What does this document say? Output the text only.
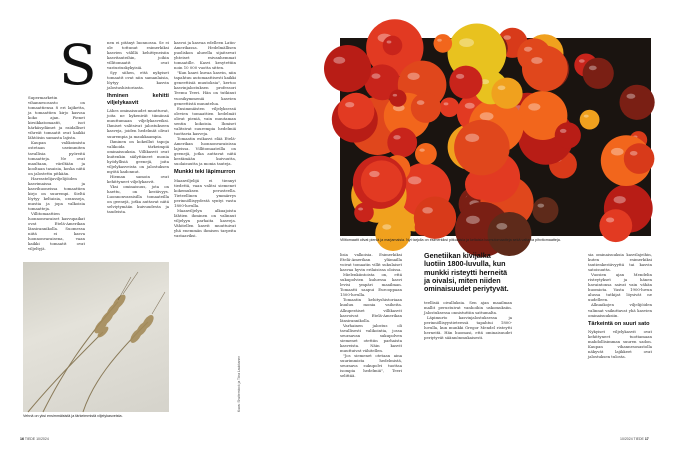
S

Supermarketin vihannesosasto on tomaattiensa 8 eri lajiketta, ja tomaattien kirjo kasvaa koko ajan. Pienet kirsikkatomaatit, isot härkäsydämet ja raidalliset vihreät tomaatit ovat kaikki lähtöisin samasta lajista.

Kaupan valikoimista ostetaan useimmiten tavallisia pyöreitä tomaatteja. Ne ovat maultaan, väriltään ja kooltaan tasaisia, koska niitä on jalostettu pitkään.

Harrastelijaviljelijöiden kasvimaissa ja kasvihuoneissa tomaattien kirjo on suurempi. Sieltä löytyy keltaisia, oransseja, mustia ja jopa valkoisia tomaatteja.

Villitomaattien luonnonvaraiset kasvupaikat ovat Etelä-Amerikan länsirannikolla. Suomessa niitä ei kasva luonnonvaraisena, vaan kaikki tomaatit ovat viljeltyjä.

nen ei pitänyt luonnossa. Se ei ole tottunut esimerkiksi kasvien välillä kehittyneisiin kasvitauteihin, joihin villitomaatit ovat vastustuskykyisiä.

Syy siihen, että nykyiset tomaatit ovat niin samanlaisia, löytyy kasvin jalostushistoriasta.

Ihminen kehitti viljelykasvit

Lähes ominaisuudet muuttuvat, joita ne kykenivät tiimiinsä muuttumaan viljelykasveiksi. Ihmiset valitsivat jalostukseen kasveja, joiden hedelmät olivat suurempia ja maukkaampia.

Ihminen on kokeillut tapoja valikoida tärkeimpiä ominaisuuksia. Villikasvit ovat kuitenkin säilyttäneet monia hyödyllisiä geenejä, joita viljelykasveista on jalostuksen myötä kadonnut.

Hieman samoin ovat kehittyneet viljelykasvit.

Yksi ominaisuus, jota on haettu, on kestävyys. Luonnonvaraisilla tomaateilla on geenejä, jotka auttavat niitä selviytymään kuivuudesta ja taudeista.

kasvoi ja kasvaa edelleen Latin-Amerikassa. Hedelmällisen puoliskon alueella sijaitsevat yhteiset esivanhemmat tomaatille. Kasvi kesytettiin noin 10 000 vuotta sitten.

"Kun kaavi kuvaa kasvin, niin tapahtuu automaattisesti kaikki geneettisiä muutoksia", kertoo kasvinjalostuksen professori Teemu Teeri. Hän on tutkinut vuosikymmeniä kasvien geneettistä muuntelua.

Ensimmäisten viljelyksessä olevien tomaattien hedelmät olivat pieniä, vain muutaman sentin kokoisia. Ihmiset valitsivat suurempia hedelmiä tuottavia kasveja.

Tomaatin esikasvi elää Etelä-Amerikan luonnonvaraisissa lajeissa. Villitomaateilla on geenejä, jotka auttavat niitä kestämään kuivuutta, suolaisuutta ja monia tauteja.

Munkki teki läpimurron

Maanviljelijä ei tiennyt tiedettä, vaan valitsi siemenet kokemuksen perusteella. Tieteellinen ymmärrys perinnöllisyydestä syntyi vasta 1800-luvulla.

Maanviljelyn alkuajoista lähtien ihminen on valinnut viljelyyn parhaita kasveja. Vähitellen kasvit muuttuivat yhä enemmän ihmisen tarpeita vastaaviksi.

Vehnä on yksi ensimmäisistä ja tärkeimmistä viljelykasveista.
Kuva: Shutterstock ja Tiina Laukkanen
Villitomaatit olivat pieniä ja marjamaisia. Nyt tarjolla on esimerkiksi pitkulaisia ja keltaisia luumutomaatteja sekä valtavia pihvitomaatteja.

lisia valkoisia. Esimerkiksi Etelä-Amerikan ylämailla voivat tomaatin villit sukulaiset kasvaa hyvin erilaisissa oloissa.

Mielenkiintoista on, että sukupolvien kuluessa kasvi levisi ympäri maailman. Tomaatti saapui Eurooppaan 1500-luvulla.

Tomaatin kehityshistoriaan kuuluu monia vaiheita. Alkuperäiset villikasvit kasvoivat Etelä-Amerikan länsirannikolla.

Varhainen jalostus oli tavallisesti valikointia, jossa seuraavan sukupolven siemenet otettiin parhaista kasveista. Näin kasvit muuttuivat vähitellen.

"Jos siemenet otetaan aina suurimmista hedelmistä, seuraava sukupolvi tuottaa isompia hedelmiä", Teeri selittää.

Genetiikan kivijalka luotiin 1800-luvulla, kun munkki risteytti herneitä ja oivalsi, miten niiden ominaisuudet periytyvät.

teellisiä oivalluksia. Sen ajan maailman mallit perustuivat vanhoihin uskomuksiin. Jalostuksessa onnistuttiin sattumalta.

Läpimurto kasvinjalostuksessa ja perinnöllisyystieteessä tapahtui 1800-luvulla, kun munkki Gregor Mendel risteytti herneitä. Hän huomasi, että ominaisuudet periytyvät säännönmukaisesti.

sia ominaisuuksia kasvilajeihin, kuten esimerkiksi tautienkestävyyttä tai kasvin satoisuutta.

Vuosien ajan Mendelin risteytykset ja hänen havaintonsa saivat vain vähän huomiota. Vasta 1900-luvun alussa tutkijat löysivät ne uudelleen.

Alkuaikojen viljelijöiden valinnat vaikuttavat yhä kasvien ominaisuuksiin.

Tärkeintä on suuri sato

Nykyiset viljelykasvit ovat kehittyneet tuottamaan mahdollisimman suuren sadon. Kaupan vihannesosastolla näkyvät lajikkeet ovat jalostuksen tulosta.

16 TIEDE 10/2024	10/2024 TIEDE 17
